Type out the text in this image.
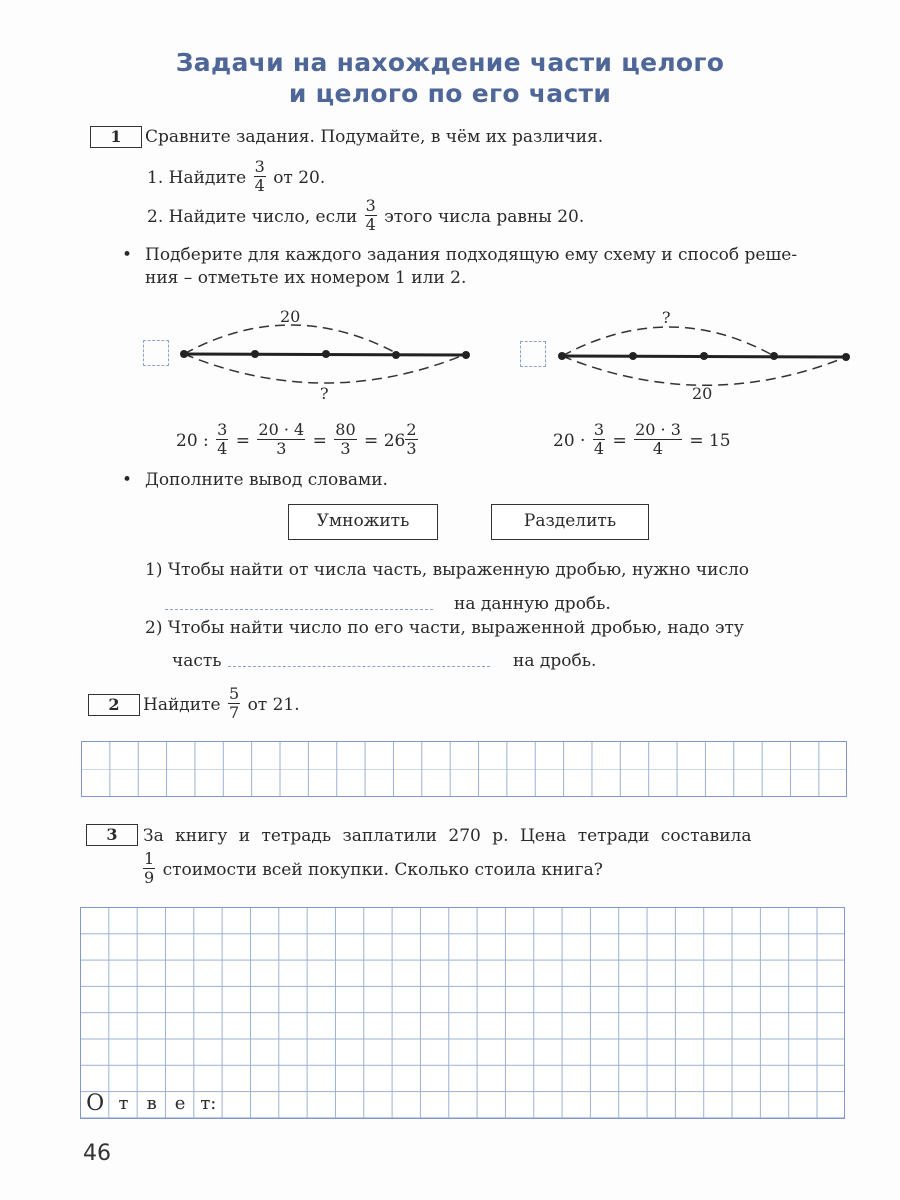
Задачи на нахождение части целого
и целого по его части
1	Сравните задания. Подумайте, в чём их различия.
1. Найдите $\frac{3}{4}$ от 20.
2. Найдите число, если $\frac{3}{4}$ этого числа равны 20.
• Подберите для каждого задания подходящую ему схему и способ реше-
ния – отметьте их номером 1 или 2.
20
?
?
20
20 : $\frac{3}{4} = \frac{20 \cdot 4}{3} = \frac{80}{3} = 26 \frac{2}{3}$	$20 \cdot \frac{3}{4} = \frac{20 \cdot 3}{4} = 15$
• Дополните вывод словами.
Умножить	Разделить
1) Чтобы найти от числа часть, выраженную дробью, нужно число
на данную дробь.
2) Чтобы найти число по его части, выраженной дробью, надо эту
часть	на дробь.
2	Найдите $\frac{5}{7}$ от 21.
3	За книгу и тетрадь заплатили 270 р. Цена тетради составила
$\frac{1}{9}$ стоимости всей покупки. Сколько стоила книга?
О т	в е т:
46
